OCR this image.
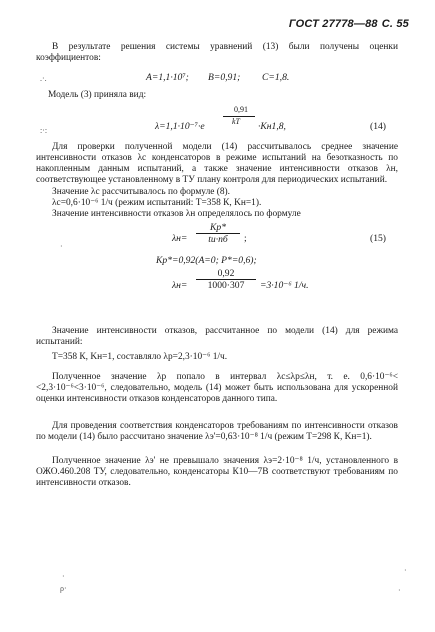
ГОСТ 27778—88 С. 55
В результате решения системы уравнений (13) были получены оценки коэффициентов:
A=1,1·10⁷; B=0,91; C=1,8.
Модель (3) приняла вид:
0,91
kT
λ=1,1·10⁻⁷·e	·Kн1,8,	(14)
Для проверки полученной модели (14) рассчитывалось среднее значение интенсивности отказов λс конденсаторов в режиме испытаний на безотказность по накопленным данным испытаний, а также значение интенсивности отказов λн, соответствующее установленному в ТУ плану контроля для периодических испытаний.
Значение λс рассчитывалось по формуле (8).
λс=0,6·10⁻⁶ 1/ч (режим испытаний: T=358 К, Kн=1).
Значение интенсивности отказов λн определялось по формуле
$\lambda н= \frac{Kр*}{tи\cdot nб}$ ;	(15)
Kр*=0,92(A=0; P*=0,6);
$\lambda н= \frac{0,92}{1000\cdot 307} =3\cdot 10^{-6}$ 1/ч.
Значение интенсивности отказов, рассчитанное по модели (14) для режима испытаний:
T=358 К, Kн=1, составляло λр=2,3·10⁻⁶ 1/ч.
Полученное значение λр попало в интервал λс≤λр≤λн, т. е. 0,6·10⁻⁶< <2,3·10⁻⁶<3·10⁻⁶, следовательно, модель (14) может быть использована для ускоренной оценки интенсивности отказов конденсаторов данного типа.
Для проведения соответствия конденсаторов требованиям по интенсивности отказов по модели (14) было рассчитано значение λэ'=0,63·10⁻⁸ 1/ч (режим T=298 К, Kн=1).
Полученное значение λэ' не превышало значения λэ=2·10⁻⁸ 1/ч, установленного в ОЖО.460.208 ТУ, следовательно, конденсаторы К10—7В соответствуют требованиям по интенсивности отказов.
.·.
:·:
·
·
ρ·
·
·
